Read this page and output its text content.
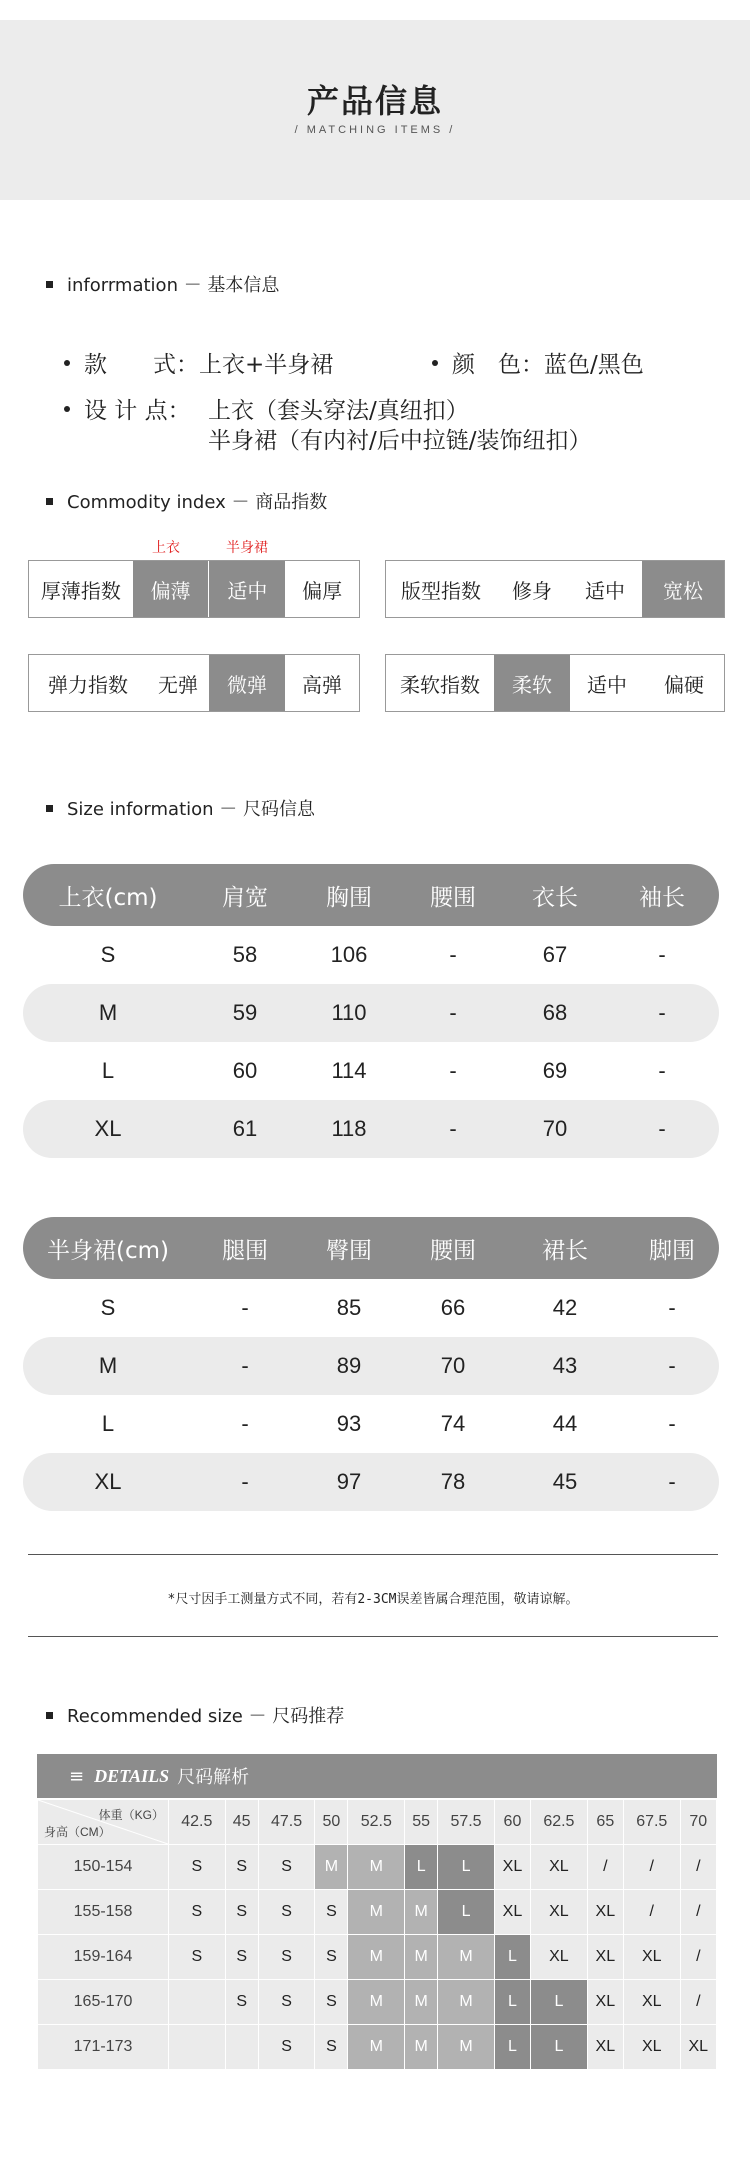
产品信息
/ MATCHING ITEMS /
inforrmation － 基本信息
款　　式：上衣+半身裙	颜　色：蓝色/黑色
设 计 点： 上衣（套头穿法/真纽扣）
半身裙（有内衬/后中拉链/装饰纽扣）
Commodity index － 商品指数
上衣	半身裙
厚薄指数	偏薄	适中	偏厚	版型指数	修身	适中	宽松
弹力指数	无弹	微弹	高弹	柔软指数	柔软	适中	偏硬
Size information － 尺码信息
上衣(cm)	肩宽	胸围	腰围	衣长	袖长
S	58	106	-	67	-
M	59	110	-	68	-
L	60	114	-	69	-
XL	61	118	-	70	-
半身裙(cm)	腿围	臀围	腰围	裙长	脚围
S	-	85	66	42	-
M	-	89	70	43	-
L	-	93	74	44	-
XL	-	97	78	45	-
*尺寸因手工测量方式不同，若有2-3CM误差皆属合理范围，敬请谅解。
Recommended size － 尺码推荐
≡ DETAILS 尺码解析
体重（KG）
身高（CM）	42.5	45	47.5	50	52.5	55	57.5	60	62.5	65	67.5	70
150-154	S	S	S	M	M	L	L	XL	XL	/	/	/
155-158	S	S	S	S	M	M	L	XL	XL	XL	/	/
159-164	S	S	S	S	M	M	M	L	XL	XL	XL	/
165-170		S	S	S	M	M	M	L	L	XL	XL	/
171-173			S	S	M	M	M	L	L	XL	XL	XL
